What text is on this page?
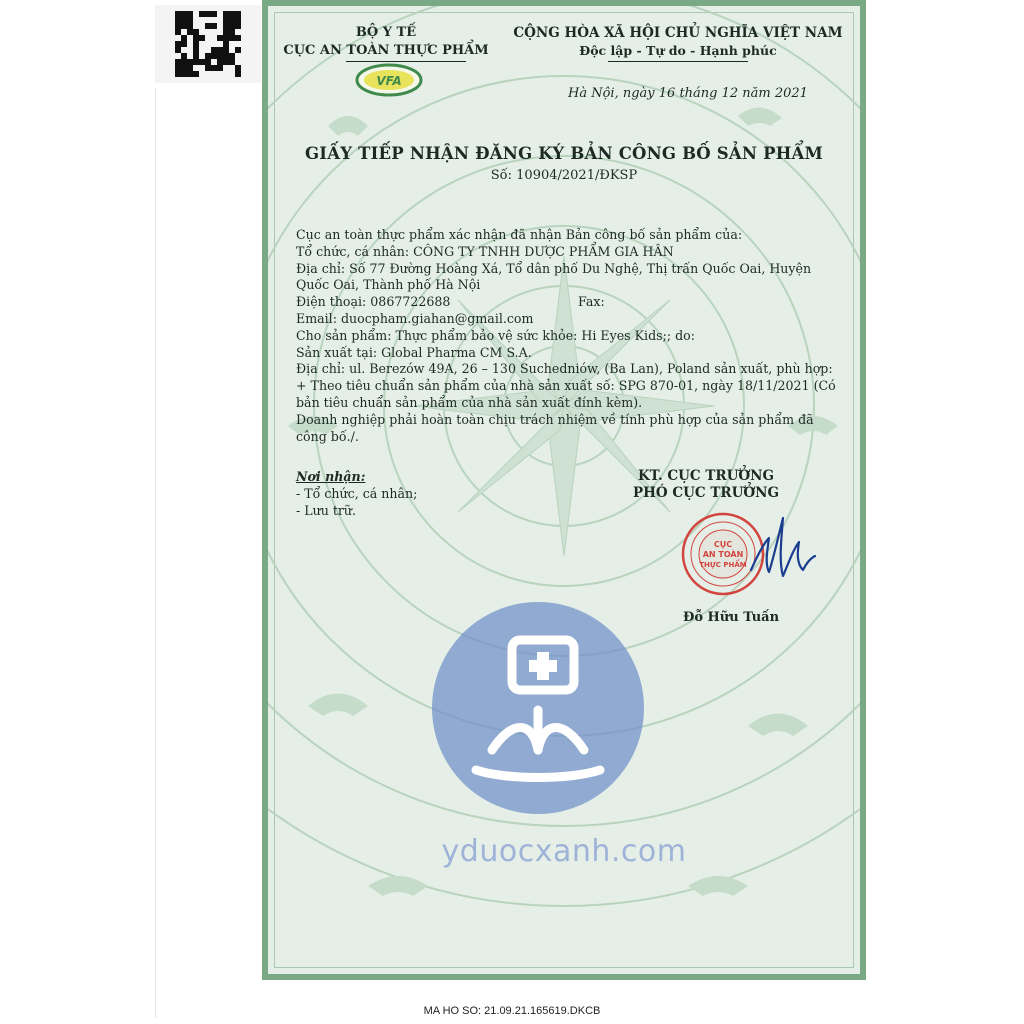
BỘ Y TẾ
CỤC AN TOÀN THỰC PHẨM
VFA
CỘNG HÒA XÃ HỘI CHỦ NGHĨA VIỆT NAM
Độc lập - Tự do - Hạnh phúc
Hà Nội, ngày 16 tháng 12 năm 2021
GIẤY TIẾP NHẬN ĐĂNG KÝ BẢN CÔNG BỐ SẢN PHẨM
Số: 10904/2021/ĐKSP

Cục an toàn thực phẩm xác nhận đã nhận Bản công bố sản phẩm của:

Tổ chức, cá nhân: CÔNG TY TNHH DƯỢC PHẨM GIA HÂN

Địa chỉ: Số 77 Đường Hoàng Xá, Tổ dân phố Du Nghệ, Thị trấn Quốc Oai, Huyện Quốc Oai, Thành phố Hà Nội

Điện thoại: 0867722688	Fax:

Email: duocpham.giahan@gmail.com

Cho sản phẩm: Thực phẩm bảo vệ sức khỏe: Hi Eyes Kids;; do:

Sản xuất tại: Global Pharma CM S.A.

Địa chỉ: ul. Berezów 49A, 26 – 130 Suchedniów, (Ba Lan), Poland sản xuất, phù hợp:

+ Theo tiêu chuẩn sản phẩm của nhà sản xuất số: SPG 870-01, ngày 18/11/2021 (Có bản tiêu chuẩn sản phẩm của nhà sản xuất đính kèm).

Doanh nghiệp phải hoàn toàn chịu trách nhiệm về tính phù hợp của sản phẩm đã công bố./.

Nơi nhận:
- Tổ chức, cá nhân;
- Lưu trữ.
KT. CỤC TRƯỞNG
PHÓ CỤC TRƯỞNG
CỤC
AN TOÀN
THỰC PHẨM
Đỗ Hữu Tuấn
yduocxanh.com
MA HO SO: 21.09.21.165619.DKCB
